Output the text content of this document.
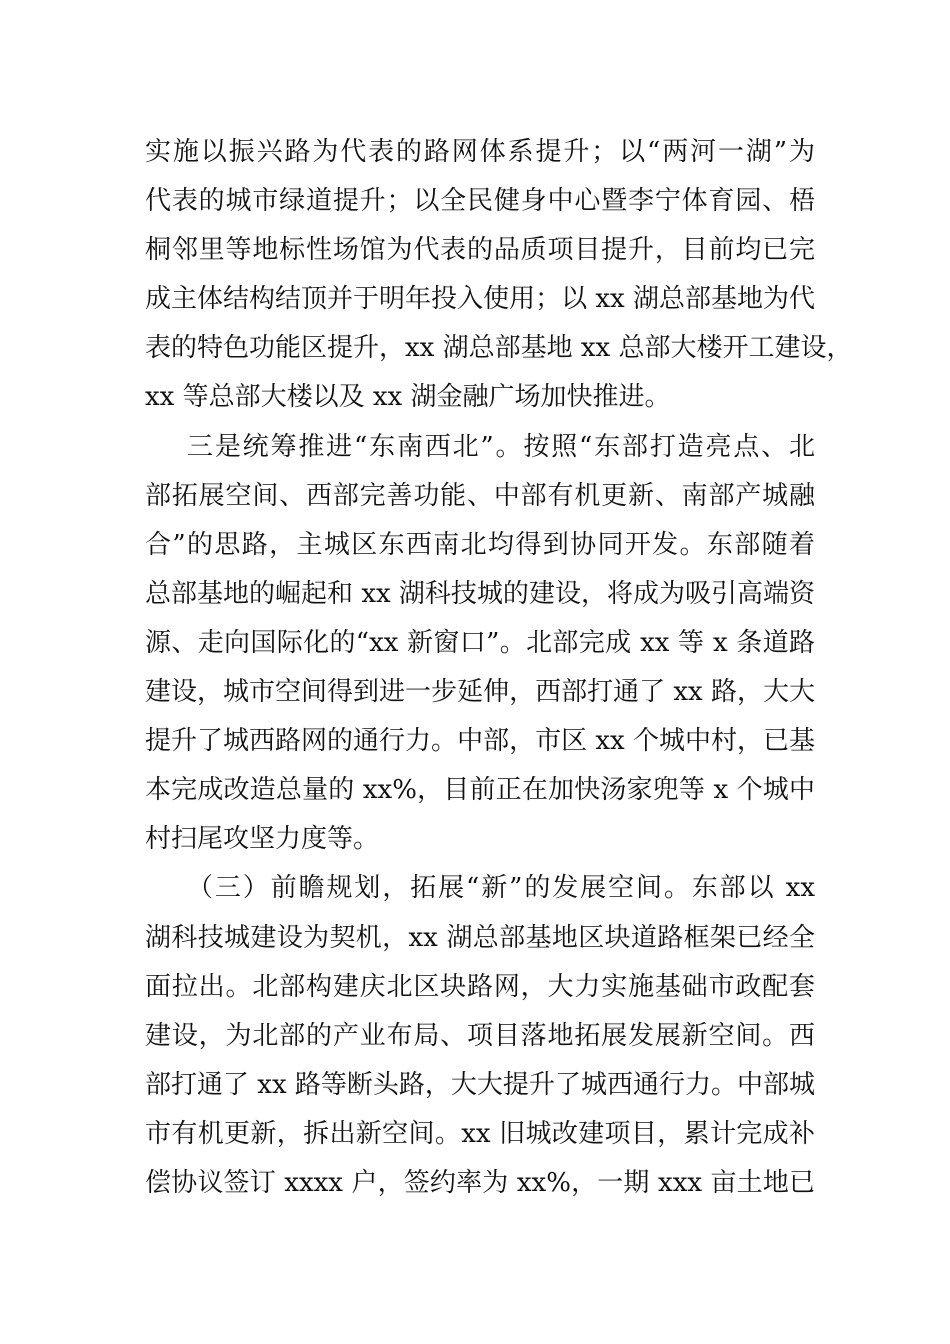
实施以振兴路为代表的路网体系提升；以“两河一湖”为
代表的城市绿道提升；以全民健身中心暨李宁体育园、梧
桐邻里等地标性场馆为代表的品质项目提升，目前均已完
成主体结构结顶并于明年投入使用；以 xx 湖总部基地为代
表的特色功能区提升，xx 湖总部基地 xx 总部大楼开工建设，
xx 等总部大楼以及 xx 湖金融广场加快推进。
三是统筹推进“东南西北”。按照“东部打造亮点、北
部拓展空间、西部完善功能、中部有机更新、南部产城融
合”的思路，主城区东西南北均得到协同开发。东部随着
总部基地的崛起和 xx 湖科技城的建设，将成为吸引高端资
源、走向国际化的“xx 新窗口”。北部完成 xx 等 x 条道路
建设，城市空间得到进一步延伸，西部打通了 xx 路，大大
提升了城西路网的通行力。中部，市区 xx 个城中村，已基
本完成改造总量的 xx%，目前正在加快汤家兜等 x 个城中
村扫尾攻坚力度等。
（三）前瞻规划，拓展“新”的发展空间。东部以 xx
湖科技城建设为契机，xx 湖总部基地区块道路框架已经全
面拉出。北部构建庆北区块路网，大力实施基础市政配套
建设，为北部的产业布局、项目落地拓展发展新空间。西
部打通了 xx 路等断头路，大大提升了城西通行力。中部城
市有机更新，拆出新空间。xx 旧城改建项目，累计完成补
偿协议签订 xxxx 户，签约率为 xx%，一期 xxx 亩土地已
